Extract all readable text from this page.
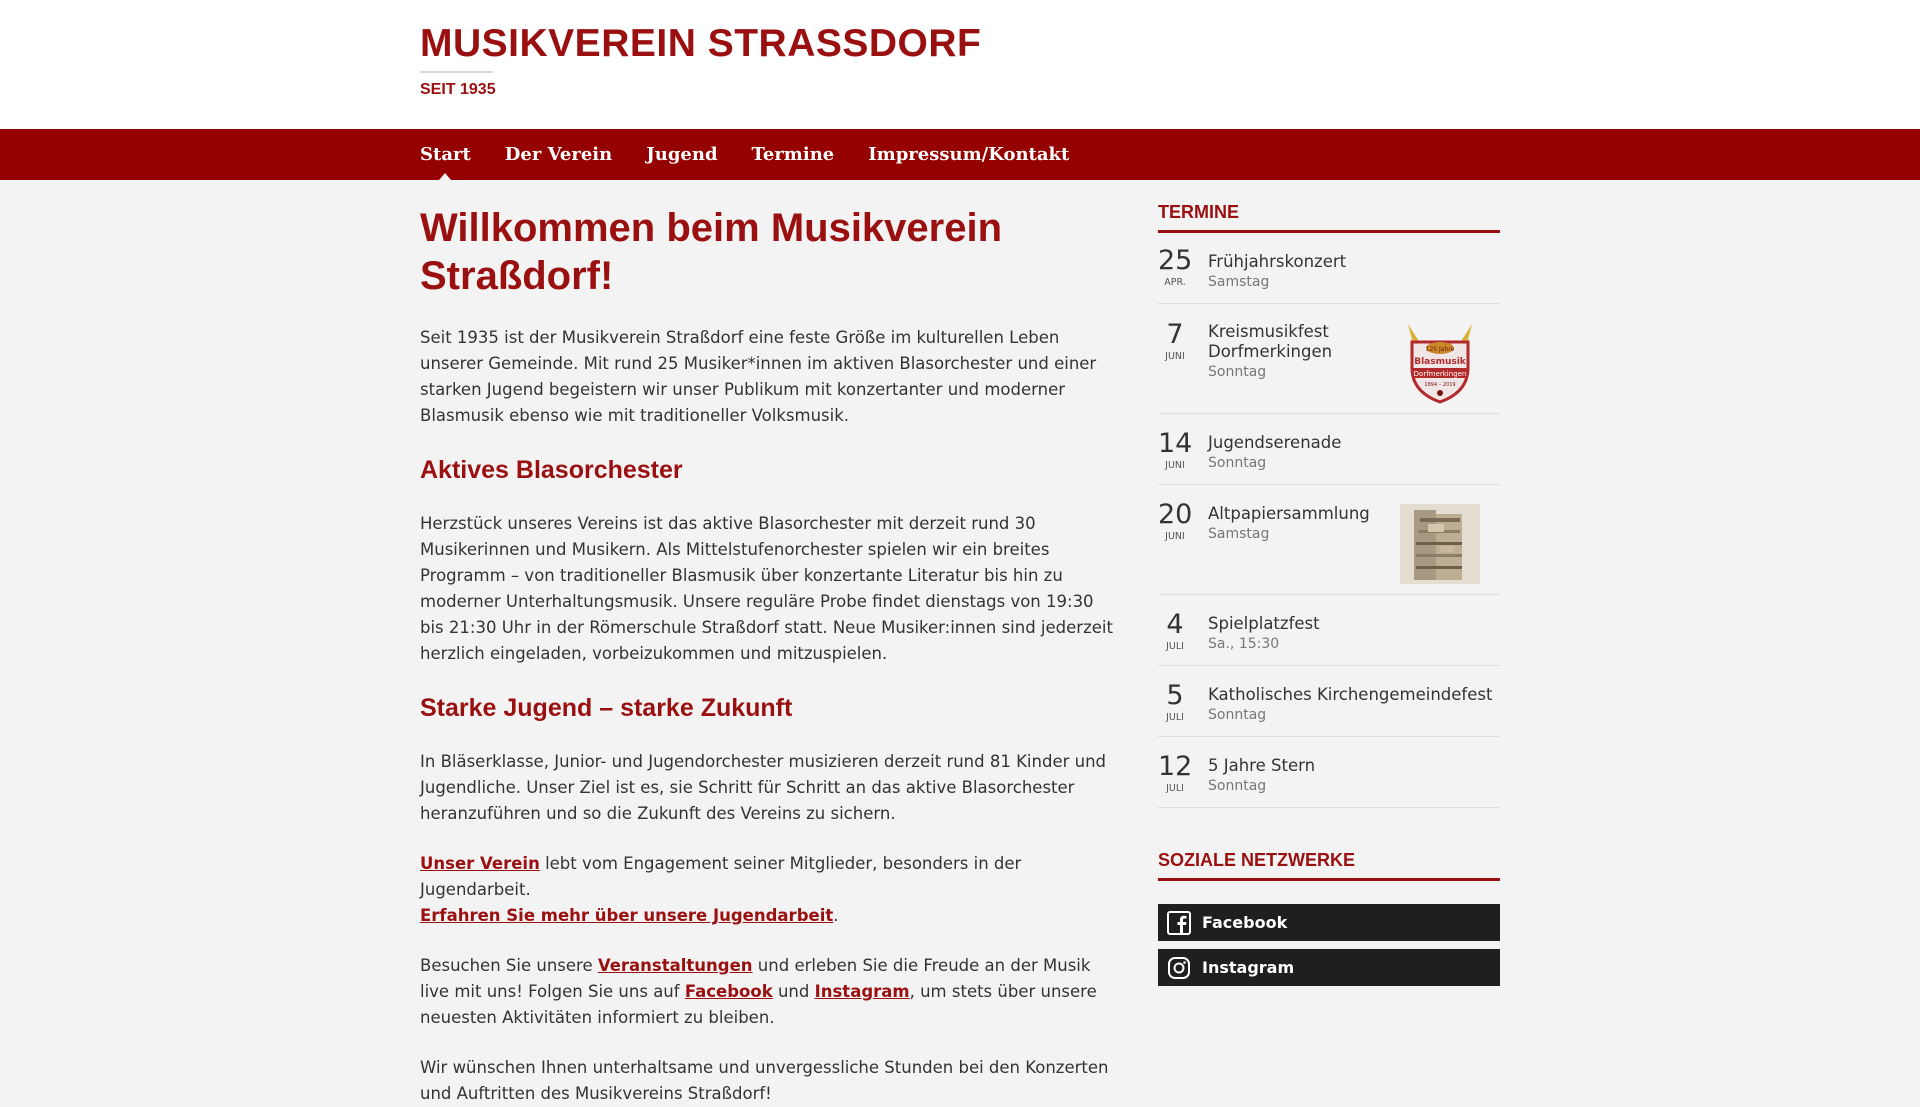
MUSIKVEREIN STRASSDORF
SEIT 1935
Start Der Verein Jugend Termine Impressum/Kontakt
Willkommen beim Musikverein Straßdorf!

Seit 1935 ist der Musikverein Straßdorf eine feste Größe im kulturellen Leben unserer Gemeinde. Mit rund 25 Musiker*innen im aktiven Blasorchester und einer starken Jugend begeistern wir unser Publikum mit konzertanter und moderner Blasmusik ebenso wie mit traditioneller Volksmusik.

Aktives Blasorchester

Herzstück unseres Vereins ist das aktive Blasorchester mit derzeit rund 30 Musikerinnen und Musikern. Als Mittelstufenorchester spielen wir ein breites Programm – von traditioneller Blasmusik über konzertante Literatur bis hin zu moderner Unterhaltungsmusik. Unsere reguläre Probe findet dienstags von 19:30 bis 21:30 Uhr in der Römerschule Straßdorf statt. Neue Musiker:innen sind jederzeit herzlich eingeladen, vorbeizukommen und mitzuspielen.

Starke Jugend – starke Zukunft

In Bläserklasse, Junior- und Jugendorchester musizieren derzeit rund 81 Kinder und Jugendliche. Unser Ziel ist es, sie Schritt für Schritt an das aktive Blasorchester heranzuführen und so die Zukunft des Vereins zu sichern.

Unser Verein lebt vom Engagement seiner Mitglieder, besonders in der Jugendarbeit.
Erfahren Sie mehr über unsere Jugendarbeit.

Besuchen Sie unsere Veranstaltungen und erleben Sie die Freude an der Musik live mit uns! Folgen Sie uns auf Facebook und Instagram, um stets über unsere neuesten Aktivitäten informiert zu bleiben.

Wir wünschen Ihnen unterhaltsame und unvergessliche Stunden bei den Konzerten und Auftritten des Musikvereins Straßdorf!

TERMINE
25
APR.
Frühjahrskonzert
Samstag
7
JUNI
Kreismusikfest Dorfmerkingen
Sonntag
125 Jahre
Blasmusik
Dorfmerkingen
1894 – 2019
14
JUNI
Jugendserenade
Sonntag
20
JUNI
Altpapiersammlung
Samstag
4
JULI
Spielplatzfest
Sa., 15:30
5
JULI
Katholisches Kirchengemeindefest
Sonntag
12
JULI
5 Jahre Stern
Sonntag
SOZIALE NETZWERKE
Facebook
Instagram
